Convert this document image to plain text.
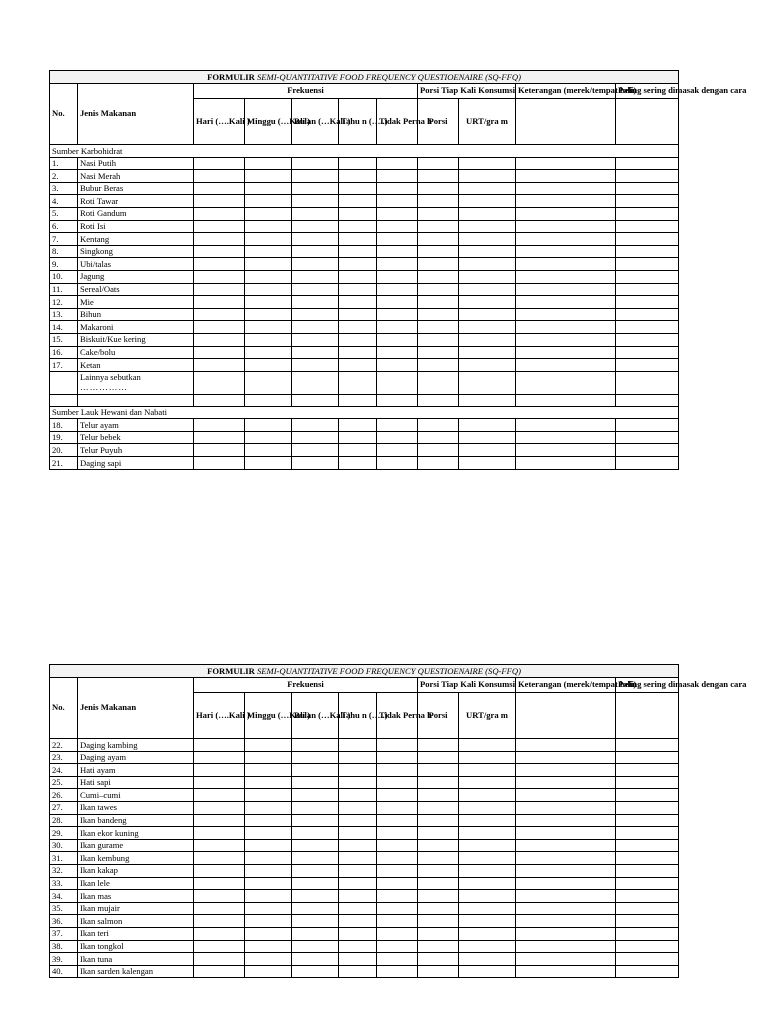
FORMULIR SEMI-QUANTITATIVE FOOD FREQUENCY QUESTIOENAIRE (SQ-FFQ)										
No.	Jenis Makanan	Frekuensi					Porsi Tiap Kali Konsumsi		Keterangan (merek/tempat beli)	Paling sering dimasak dengan cara
		Hari (….Kali )	Minggu (…Kali )	Bulan (…Kali )	Tahu n (…..)	Tidak Perna h	Porsi	URT/gra m		
Sumber Karbohidrat										
1.	Nasi Putih									
2.	Nasi Merah									
3.	Bubur Beras									
4.	Roti Tawar									
5.	Roti Gandum									
6.	Roti Isi									
7.	Kentang									
8.	Singkong									
9.	Ubi/talas									
10.	Jagung									
11.	Sereal/Oats									
12.	Mie									
13.	Bihun									
14.	Makaroni									
15.	Biskuit/Kue kering									
16.	Cake/bolu									
17.	Ketan									
	Lainnya sebutkan
……………									

Sumber Lauk Hewani dan Nabati										
18.	Telur ayam									
19.	Telur bebek									
20.	Telur Puyuh									
21.	Daging sapi									
FORMULIR SEMI-QUANTITATIVE FOOD FREQUENCY QUESTIOENAIRE (SQ-FFQ)										
No.	Jenis Makanan	Frekuensi					Porsi Tiap Kali Konsumsi		Keterangan (merek/tempat beli)	Paling sering dimasak dengan cara
		Hari (….Kali )	Minggu (…Kali )	Bulan (…Kali )	Tahu n (…..)	Tidak Perna h	Porsi	URT/gra m		
22.	Daging kambing									
23.	Daging ayam									
24.	Hati ayam									
25.	Hati sapi									
26.	Cumi–cumi									
27.	Ikan tawes									
28.	Ikan bandeng									
29.	Ikan ekor kuning									
30.	Ikan gurame									
31.	Ikan kembung									
32.	Ikan kakap									
33.	Ikan lele									
34.	Ikan mas									
35.	Ikan mujair									
36.	Ikan salmon									
37.	Ikan teri									
38.	Ikan tongkol									
39.	Ikan tuna									
40.	Ikan sarden kalengan									
